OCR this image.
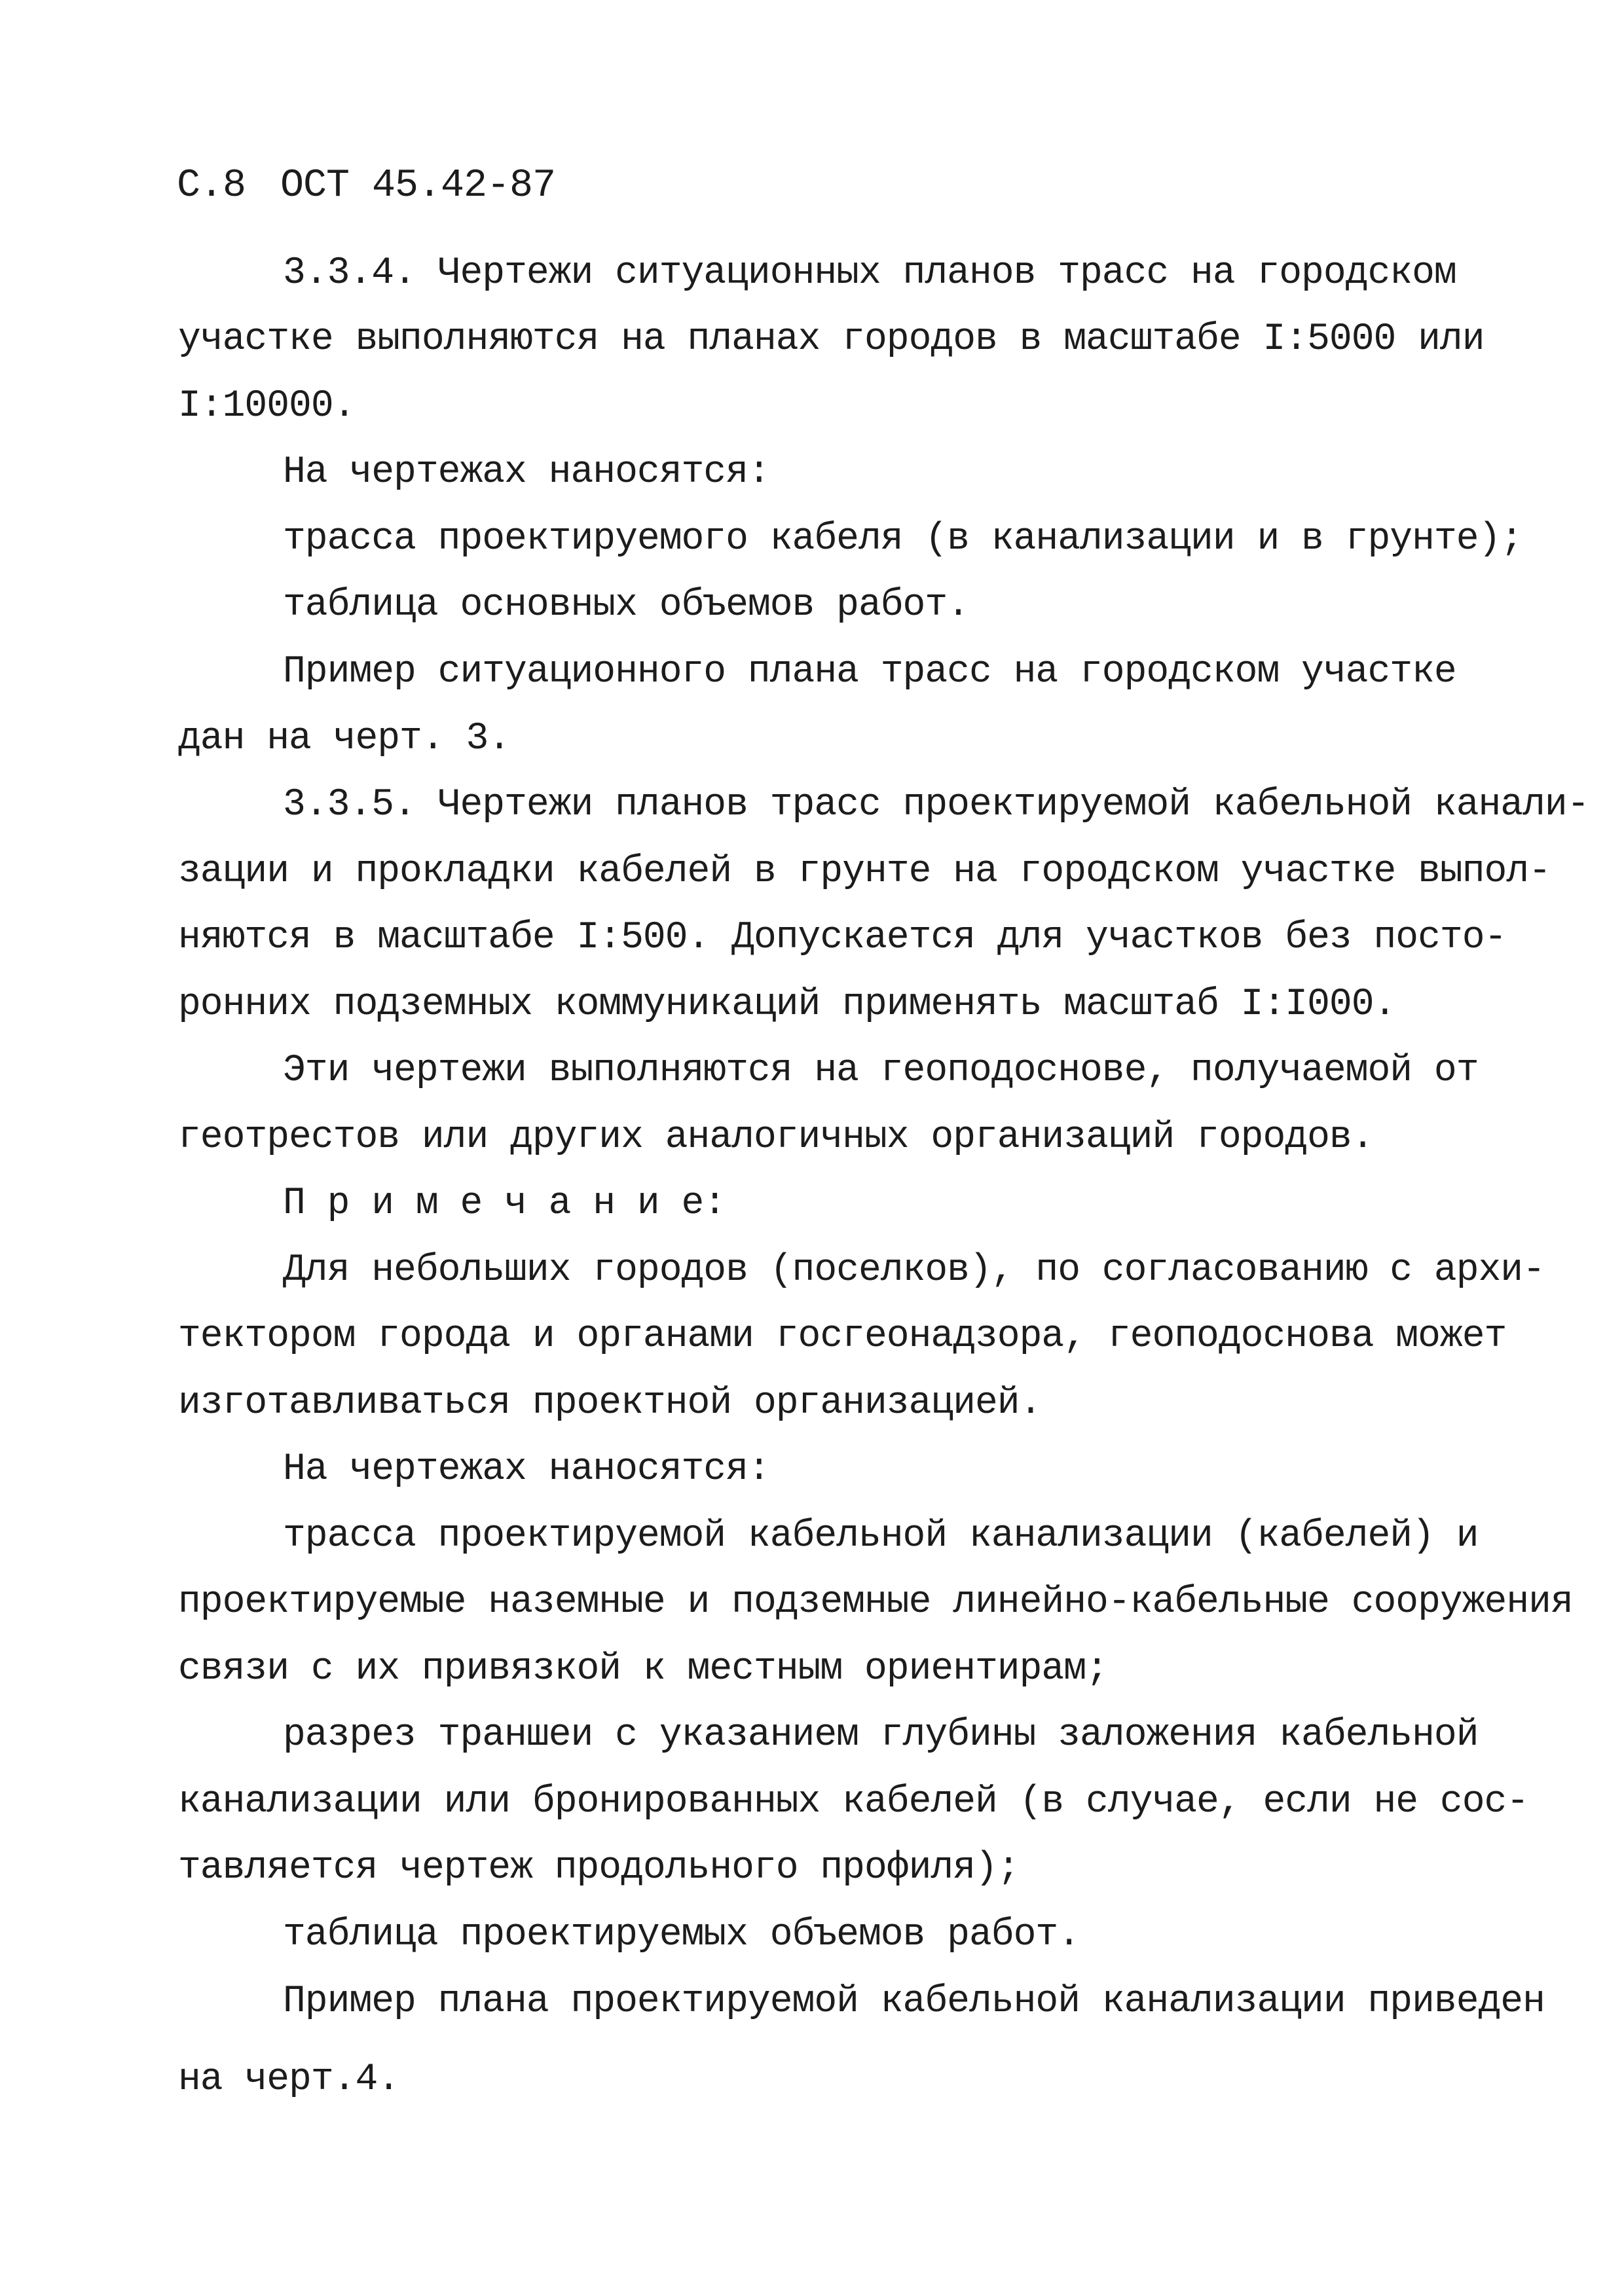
С.8 ОСТ 45.42-87

3.3.4. Чертежи ситуационных планов трасс на городском

участке выполняются на планах городов в масштабе I:5000 или

I:10000.

На чертежах наносятся:

трасса проектируемого кабеля (в канализации и в грунте);

таблица основных объемов работ.

Пример ситуационного плана трасс на городском участке

дан на черт. 3.

3.3.5. Чертежи планов трасс проектируемой кабельной канали-

зации и прокладки кабелей в грунте на городском участке выпол-

няются в масштабе I:500. Допускается для участков без посто-

ронних подземных коммуникаций применять масштаб I:I000.

Эти чертежи выполняются на геоподоснове, получаемой от

геотрестов или других аналогичных организаций городов.

П р и м е ч а н и е:

Для небольших городов (поселков), по согласованию с архи-

тектором города и органами госгеонадзора, геоподоснова может

изготавливаться проектной организацией.

На чертежах наносятся:

трасса проектируемой кабельной канализации (кабелей) и

проектируемые наземные и подземные линейно-кабельные сооружения

связи с их привязкой к местным ориентирам;

разрез траншеи с указанием глубины заложения кабельной

канализации или бронированных кабелей (в случае, если не сос-

тавляется чертеж продольного профиля);

таблица проектируемых объемов работ.

Пример плана проектируемой кабельной канализации приведен

на черт.4.
